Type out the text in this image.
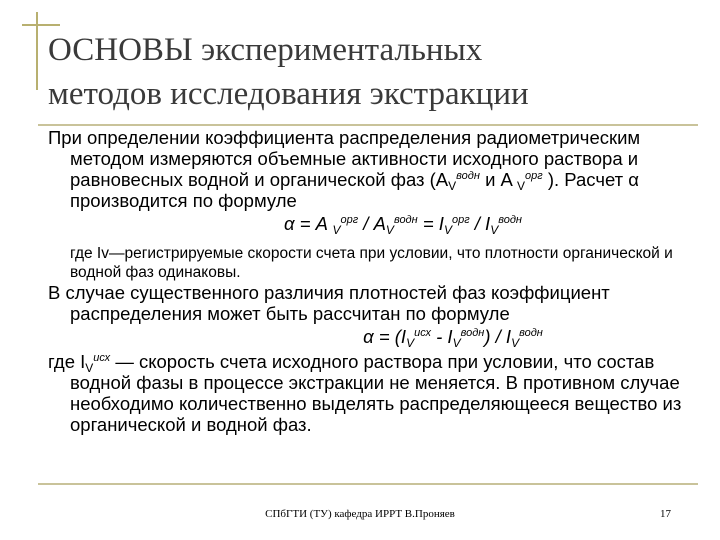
ОСНОВЫ экспериментальных
методов исследования экстракции

При определении коэффициента распределения радиометрическим методом измеряются объемные активности исходного раствора и равновесных водной и органической фаз ($A_V^{водн}$ и A $_V^{орг}$ ). Расчет α производится по формуле

α = A $_V^{орг} / A_V^{водн} = I_V^{орг} / I_V^{водн}$

где Iv—регистрируемые скорости счета при условии, что плотности органической и водной фаз одинаковы.

В случае существенного различия плотностей фаз коэффициент распределения может быть рассчитан по формуле

$\alpha = (I_V^{исх} - I_V^{водн}) / I_V^{водн}$

где $I_V^{исх}$ — скорость счета исходного раствора при условии, что состав водной фазы в процессе экстракции не меняется. В противном случае необходимо количественно выделять распределяющееся вещество из органической и водной фаз.

СПбГТИ (ТУ) кафедра ИРРТ В.Проняев	17
